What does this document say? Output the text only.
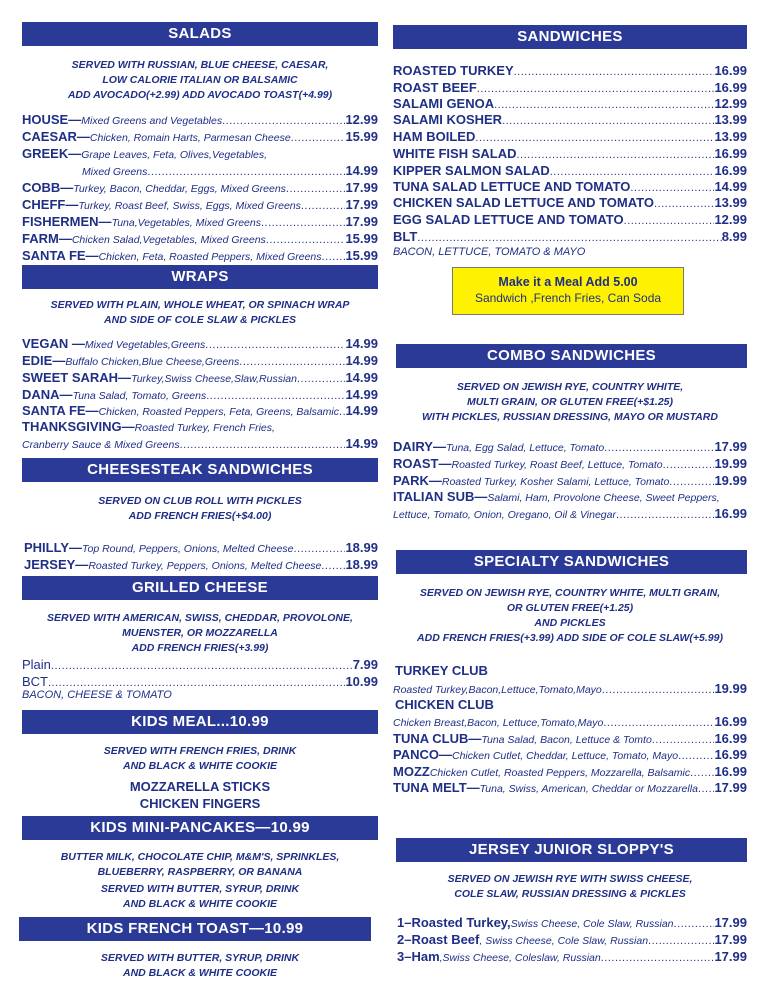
SALADS
SERVED WITH RUSSIAN, BLUE CHEESE, CAESAR,
LOW CALORIE ITALIAN OR BALSAMIC
ADD AVOCADO(+2.99) ADD AVOCADO TOAST(+4.99)
HOUSE— Mixed Greens and Vegetables .....	12.99
CAESAR— Chicken, Romain Harts, Parmesan Cheese .....	15.99
GREEK— Grape Leaves, Feta, Olives,Vegetables,
Mixed Greens .....	14.99
COBB— Turkey, Bacon, Cheddar, Eggs, Mixed Greens .....	17.99
CHEFF— Turkey, Roast Beef, Swiss, Eggs, Mixed Greens .....	17.99
FISHERMEN— Tuna,Vegetables, Mixed Greens .....	17.99
FARM— Chicken Salad,Vegetables, Mixed Greens .....	15.99
SANTA FE— Chicken, Feta, Roasted Peppers, Mixed Greens ..... 15.99
WRAPS
SERVED WITH PLAIN, WHOLE WHEAT, OR SPINACH WRAP
AND SIDE OF COLE SLAW & PICKLES
VEGAN — Mixed Vegetables,Greens .....	14.99
EDIE— Buffalo Chicken,Blue Cheese,Greens .....	14.99
SWEET SARAH— Turkey,Swiss Cheese,Slaw,Russian .....	14.99
DANA— Tuna Salad, Tomato, Greens .....	14.99
SANTA FE— Chicken, Roasted Peppers, Feta, Greens, Balsamic ..... 14.99
THANKSGIVING— Roasted Turkey, French Fries,
Cranberry Sauce & Mixed Greens .....	14.99
CHEESESTEAK SANDWICHES
SERVED ON CLUB ROLL WITH PICKLES
ADD FRENCH FRIES(+$4.00)
PHILLY— Top Round, Peppers, Onions, Melted Cheese .....	18.99
JERSEY— Roasted Turkey, Peppers, Onions, Melted Cheese ..... 18.99
GRILLED CHEESE
SERVED WITH AMERICAN, SWISS, CHEDDAR, PROVOLONE,
MUENSTER, OR MOZZARELLA
ADD FRENCH FRIES(+3.99)
Plain .....	7.99
BCT .....	10.99
BACON, CHEESE & TOMATO
KIDS MEAL...10.99
SERVED WITH FRENCH FRIES, DRINK
AND BLACK & WHITE COOKIE
MOZZARELLA STICKS
CHICKEN FINGERS
KIDS MINI-PANCAKES—10.99
BUTTER MILK, CHOCOLATE CHIP, M&M'S, SPRINKLES,
BLUEBERRY, RASPBERRY, OR BANANA
SERVED WITH BUTTER, SYRUP, DRINK
AND BLACK & WHITE COOKIE
KIDS FRENCH TOAST—10.99
SERVED WITH BUTTER, SYRUP, DRINK
AND BLACK & WHITE COOKIE
SANDWICHES
ROASTED TURKEY .....	16.99
ROAST BEEF .....	16.99
SALAMI GENOA .....	12.99
SALAMI KOSHER .....	13.99
HAM BOILED .....	13.99
WHITE FISH SALAD .....	16.99
KIPPER SALMON SALAD .....	16.99
TUNA SALAD LETTUCE AND TOMATO .....	14.99
CHICKEN SALAD LETTUCE AND TOMATO .....	13.99
EGG SALAD LETTUCE AND TOMATO .....	12.99
BLT .....	8.99
BACON, LETTUCE, TOMATO & MAYO
Make it a Meal Add 5.00
Sandwich ,French Fries, Can Soda
COMBO SANDWICHES
SERVED ON JEWISH RYE, COUNTRY WHITE,
MULTI GRAIN, OR GLUTEN FREE(+$1.25)
WITH PICKLES, RUSSIAN DRESSING, MAYO OR MUSTARD
DAIRY— Tuna, Egg Salad, Lettuce, Tomato .....	17.99
ROAST— Roasted Turkey, Roast Beef, Lettuce, Tomato .....	19.99
PARK— Roasted Turkey, Kosher Salami, Lettuce, Tomato .....	19.99
ITALIAN SUB— Salami, Ham, Provolone Cheese, Sweet Peppers,
Lettuce, Tomato, Onion, Oregano, Oil & Vinegar .....	16.99
SPECIALTY SANDWICHES
SERVED ON JEWISH RYE, COUNTRY WHITE, MULTI GRAIN,
OR GLUTEN FREE(+1.25)
AND PICKLES
ADD FRENCH FRIES(+3.99) ADD SIDE OF COLE SLAW(+5.99)
TURKEY CLUB
Roasted Turkey,Bacon,Lettuce,Tomato,Mayo .....	19.99
CHICKEN CLUB
Chicken Breast,Bacon, Lettuce,Tomato,Mayo .....	16.99
TUNA CLUB— Tuna Salad, Bacon, Lettuce & Tomto .....	16.99
PANCO— Chicken Cutlet, Cheddar, Lettuce, Tomato, Mayo .....	16.99
MOZZ Chicken Cutlet, Roasted Peppers, Mozzarella, Balsamic ..... 16.99
TUNA MELT— Tuna, Swiss, American, Cheddar or Mozzarella ..... 17.99
JERSEY JUNIOR SLOPPY'S
SERVED ON JEWISH RYE WITH SWISS CHEESE,
COLE SLAW, RUSSIAN DRESSING & PICKLES
1–Roasted Turkey, Swiss Cheese, Cole Slaw, Russian .....	17.99
2–Roast Beef , Swiss Cheese, Cole Slaw, Russian .....	17.99
3–Ham ,Swiss Cheese, Coleslaw, Russian .....	17.99
